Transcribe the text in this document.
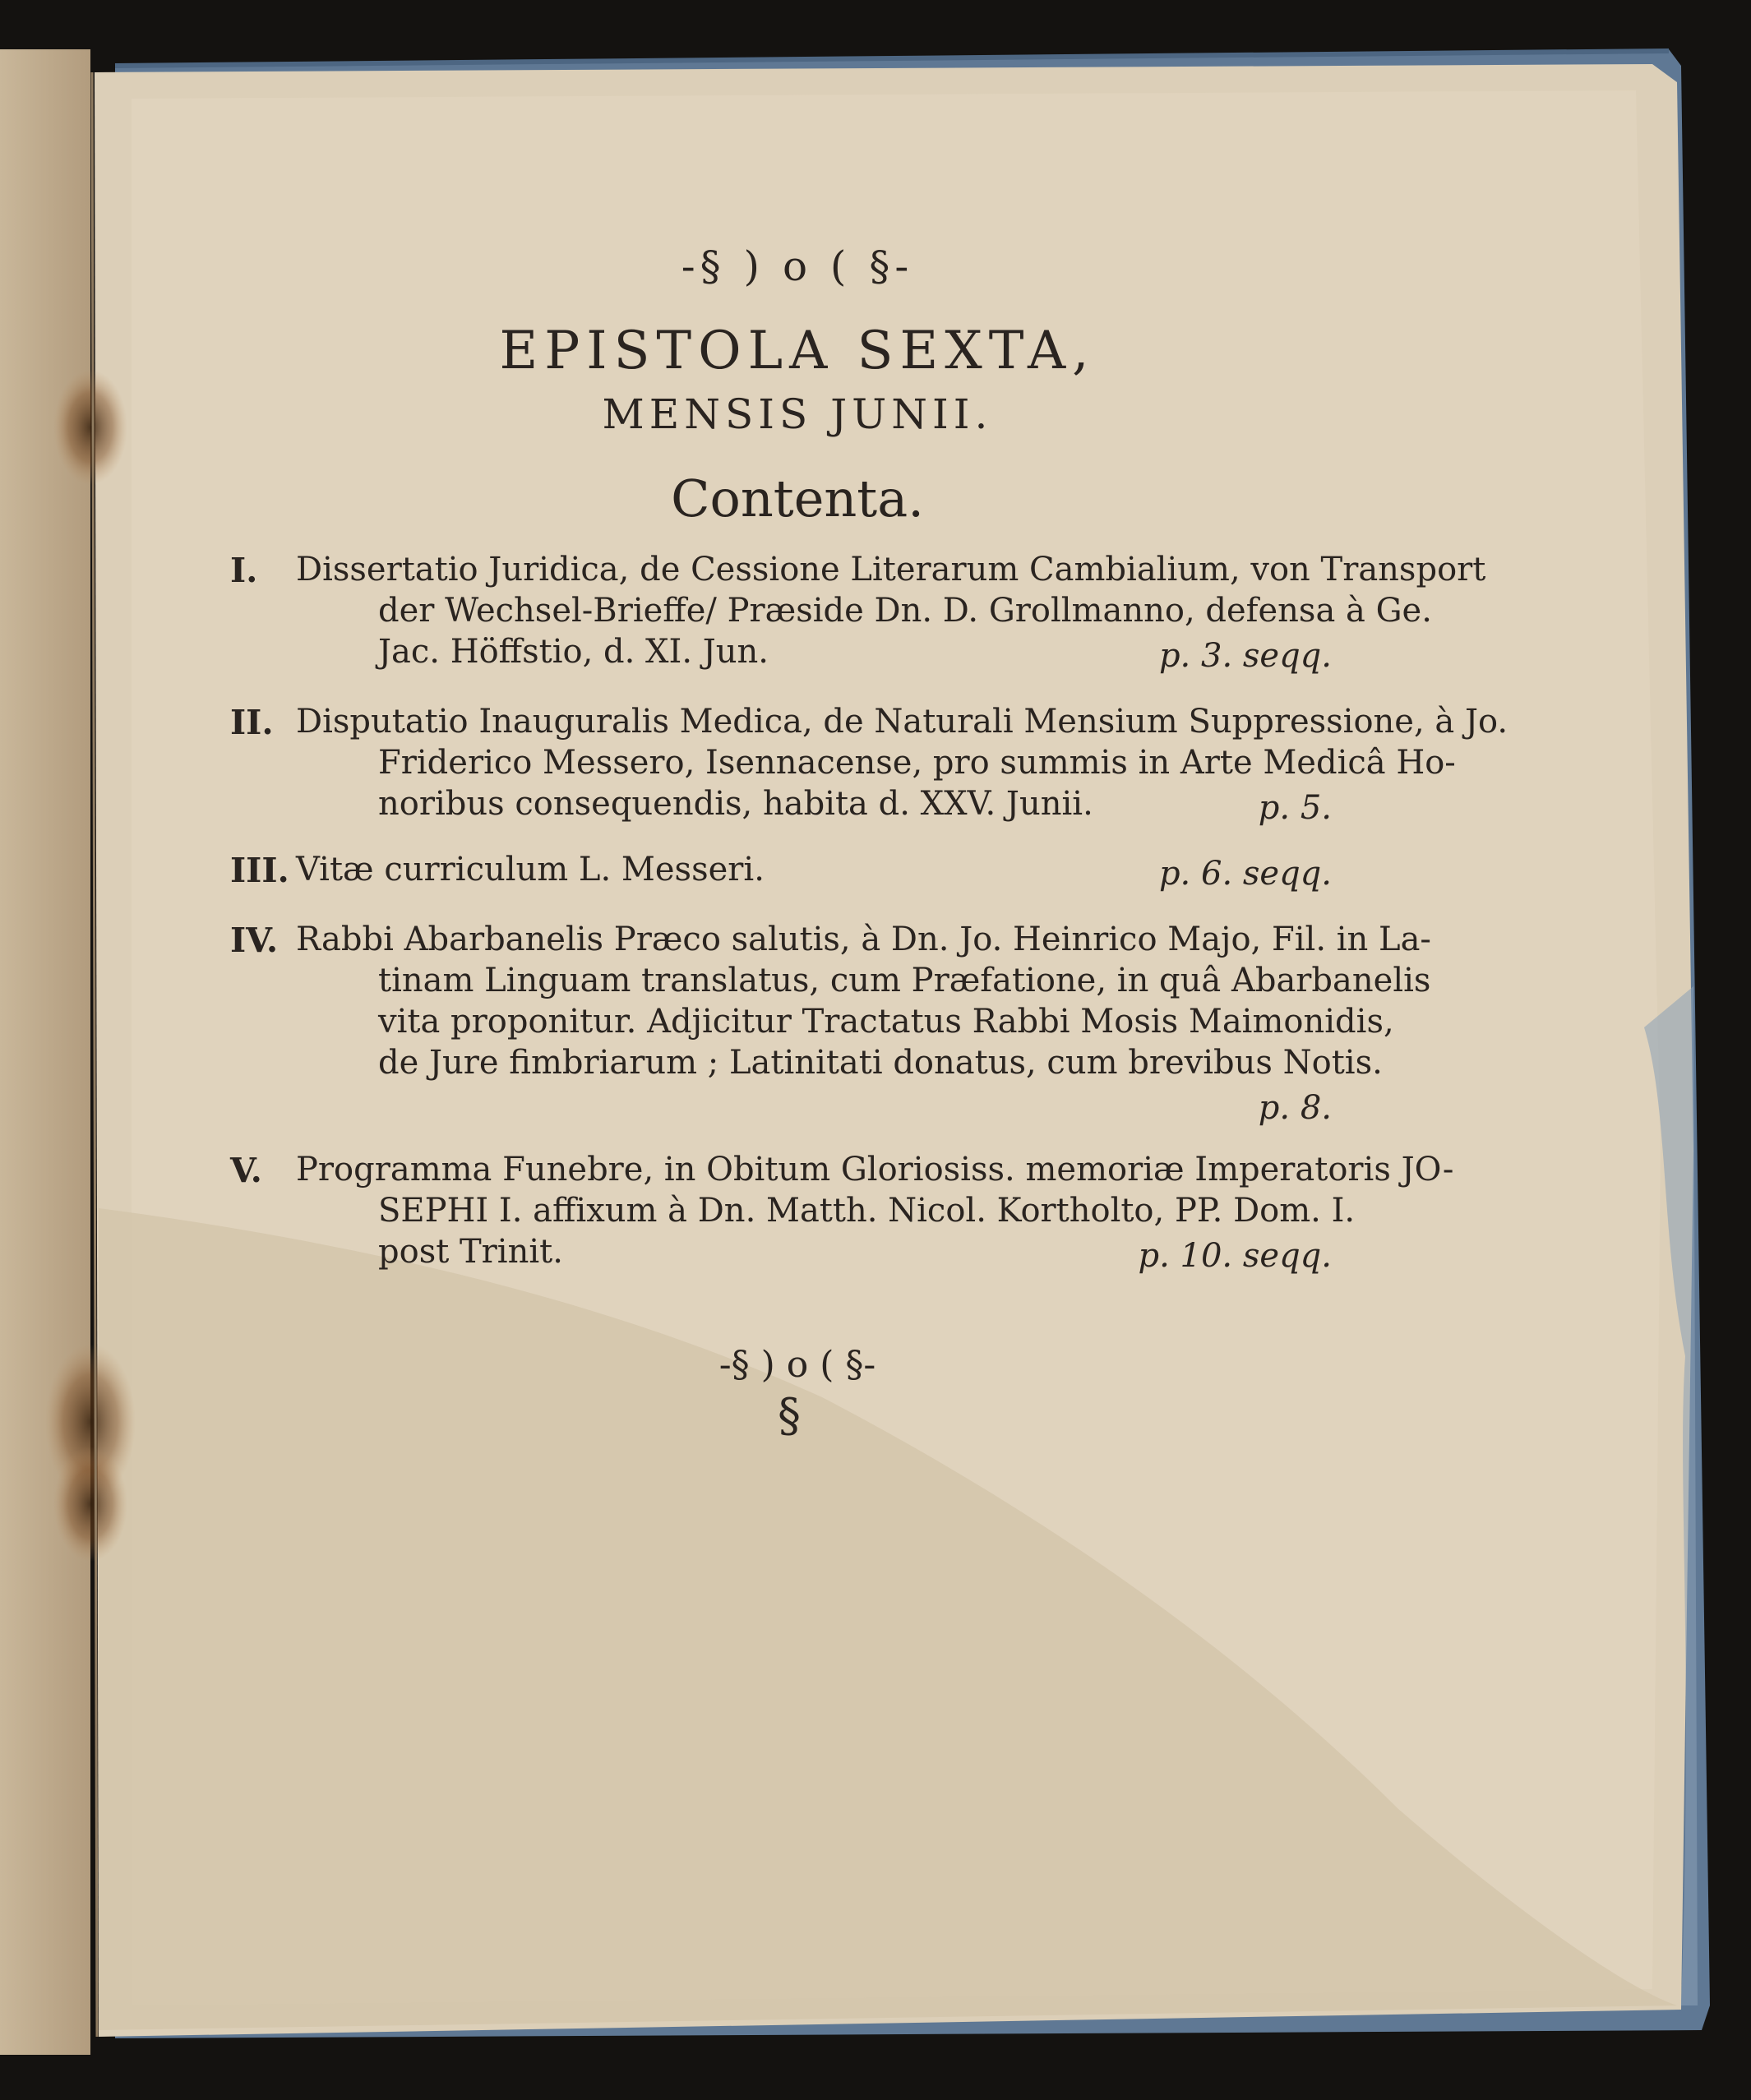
-§ ) o ( §-
EPISTOLA SEXTA,
MENSIS JUNII.
Contenta.
I. Dissertatio Juridica, de Cessione Literarum Cambialium, von Transport
der Wechsel-Brieffe/ Præside Dn. D. Grollmanno, defensa à Ge.
Jac. Höffstio, d. XI. Jun.	p. 3. seqq.
II. Disputatio Inauguralis Medica, de Naturali Mensium Suppressione, à Jo.
Friderico Messero, Isennacense, pro summis in Arte Medicâ Ho-
noribus consequendis, habita d. XXV. Junii.	p. 5.
III. Vitæ curriculum L. Messeri.	p. 6. seqq.
IV. Rabbi Abarbanelis Præco salutis, à Dn. Jo. Heinrico Majo, Fil. in La-
tinam Linguam translatus, cum Præfatione, in quâ Abarbanelis
vita proponitur. Adjicitur Tractatus Rabbi Mosis Maimonidis,
de Jure fimbriarum ; Latinitati donatus, cum brevibus Notis.
p. 8.
V. Programma Funebre, in Obitum Gloriosiss. memoriæ Imperatoris JO-
SEPHI I. affixum à Dn. Matth. Nicol. Kortholto, PP. Dom. I.
post Trinit.	p. 10. seqq.
-§ ) o ( §-
§
